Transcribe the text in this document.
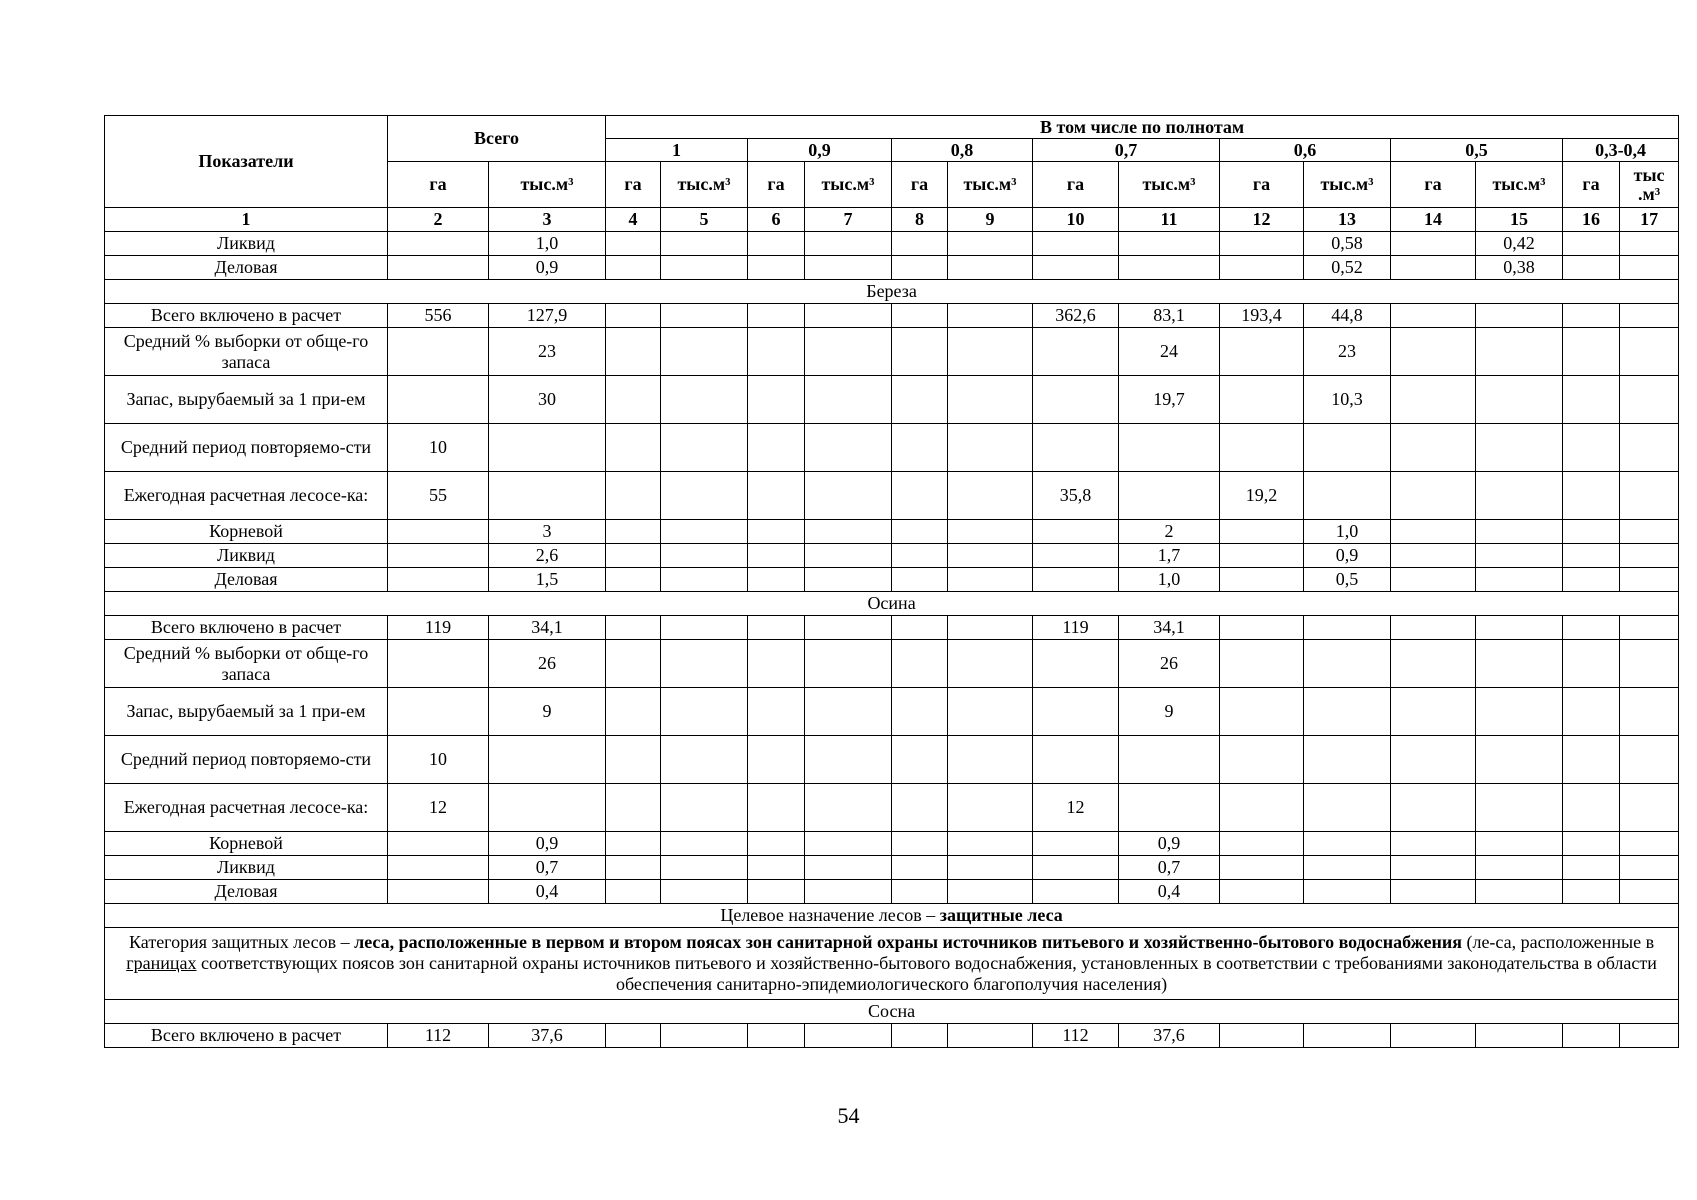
Показатели	Всего		В том числе по полнотам													
			1		0,9		0,8		0,7		0,6		0,5		0,3-0,4	
	га	тыс.м³	га	тыс.м³	га	тыс.м³	га	тыс.м³	га	тыс.м³	га	тыс.м³	га	тыс.м³	га	тыс .м³
1	2	3	4	5	6	7	8	9	10	11	12	13	14	15	16	17
Ликвид		1,0										0,58		0,42		
Деловая		0,9										0,52		0,38		
Береза																
Всего включено в расчет	556	127,9							362,6	83,1	193,4	44,8				
Средний % выборки от обще-го запаса		23								24		23				
Запас, вырубаемый за 1 при-ем		30								19,7		10,3				
Средний период повторяемо-сти	10															
Ежегодная расчетная лесосе-ка:	55								35,8		19,2					
Корневой		3								2		1,0				
Ликвид		2,6								1,7		0,9				
Деловая		1,5								1,0		0,5				
Осина																
Всего включено в расчет	119	34,1							119	34,1						
Средний % выборки от обще-го запаса		26								26						
Запас, вырубаемый за 1 при-ем		9								9						
Средний период повторяемо-сти	10															
Ежегодная расчетная лесосе-ка:	12								12							
Корневой		0,9								0,9						
Ликвид		0,7								0,7						
Деловая		0,4								0,4						
Целевое назначение лесов – защитные леса																
Категория защитных лесов – леса, расположенные в первом и втором поясах зон санитарной охраны источников питьевого и хозяйственно-бытового водоснабжения (ле-са, расположенные в границах соответствующих поясов зон санитарной охраны источников питьевого и хозяйственно-бытового водоснабжения, установленных в соответствии с требованиями законодательства в области обеспечения санитарно-эпидемиологического благополучия населения)																
Сосна																
Всего включено в расчет	112	37,6							112	37,6						
54
